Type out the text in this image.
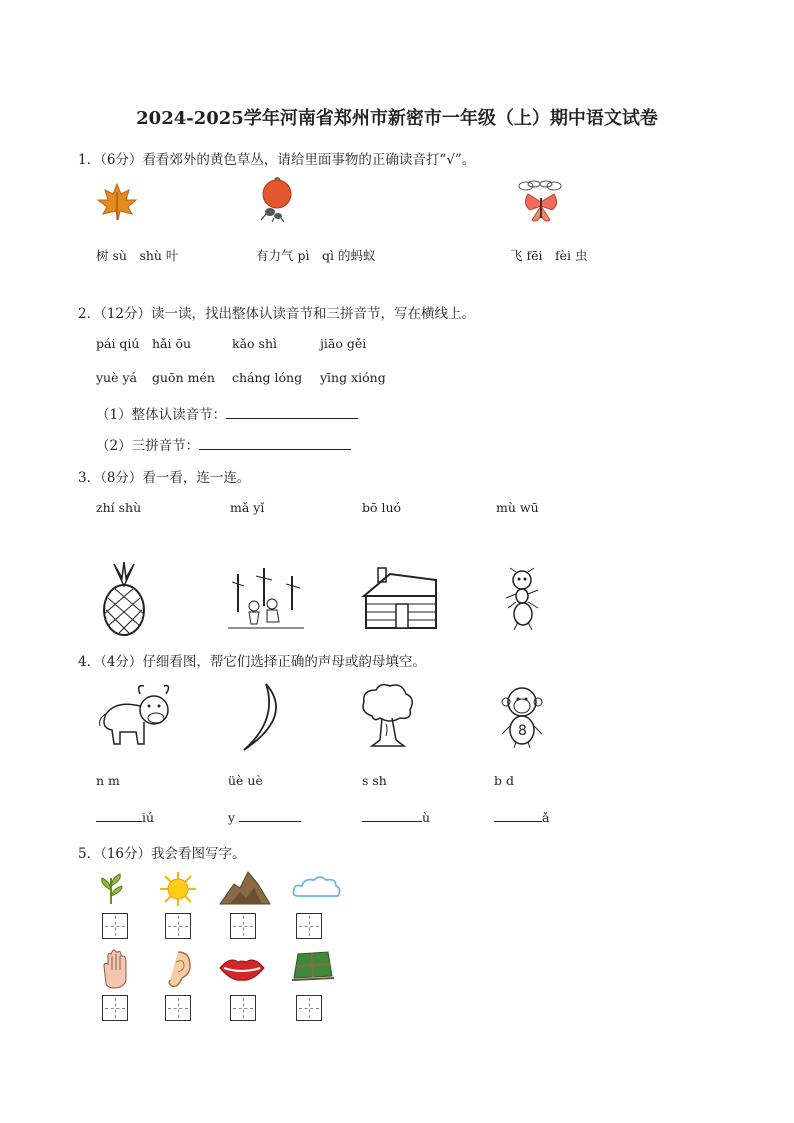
2024-2025学年河南省郑州市新密市一年级（上）期中语文试卷
1．（6分）看看郊外的黄色草丛，请给里面事物的正确读音打“√”。
树 sù　shù 叶	有力气 pì　qì 的蚂蚁	飞 fēi　fèi 虫
2．（12分）读一读，找出整体认读音节和三拼音节，写在横线上。
pái qiú hǎi ōu	kǎo shì	jiāo gěi
yuè yá guōn mén cháng lóng yīng xióng
（1）整体认读音节：
（2）三拼音节：
3．（8分）看一看，连一连。
zhí shù	mǎ yǐ	bō luó	mù wū
4．（4分）仔细看图，帮它们选择正确的声母或韵母填空。
8
n m	üè uè	s sh	b d
iú	y	ù	ǎ
5．（16分）我会看图写字。
